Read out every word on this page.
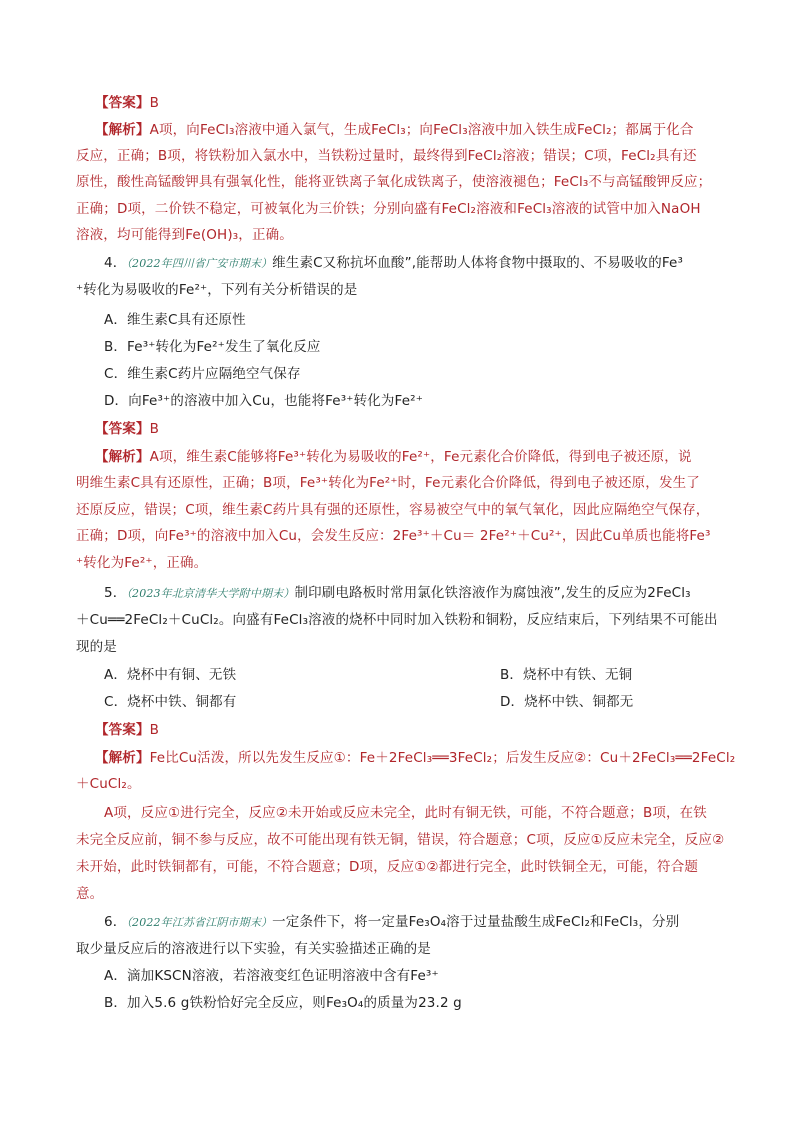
【答案】B
【解析】A项，向FeCl₃溶液中通入氯气，生成FeCl₃；向FeCl₃溶液中加入铁生成FeCl₂；都属于化合
反应，正确；B项，将铁粉加入氯水中，当铁粉过量时，最终得到FeCl₂溶液；错误；C项，FeCl₂具有还
原性，酸性高锰酸钾具有强氧化性，能将亚铁离子氧化成铁离子，使溶液褪色；FeCl₃不与高锰酸钾反应；
正确；D项，二价铁不稳定，可被氧化为三价铁；分别向盛有FeCl₂溶液和FeCl₃溶液的试管中加入NaOH
溶液，均可能得到Fe(OH)₃，正确。
4．（2022年四川省广安市期末）维生素C又称抗坏血酸”,能帮助人体将食物中摄取的、不易吸收的Fe³
⁺转化为易吸收的Fe²⁺，下列有关分析错误的是
A．维生素C具有还原性
B．Fe³⁺转化为Fe²⁺发生了氧化反应
C．维生素C药片应隔绝空气保存
D．向Fe³⁺的溶液中加入Cu，也能将Fe³⁺转化为Fe²⁺
【答案】B
【解析】A项，维生素C能够将Fe³⁺转化为易吸收的Fe²⁺，Fe元素化合价降低，得到电子被还原，说
明维生素C具有还原性，正确；B项，Fe³⁺转化为Fe²⁺时，Fe元素化合价降低，得到电子被还原，发生了
还原反应，错误；C项，维生素C药片具有强的还原性，容易被空气中的氧气氧化，因此应隔绝空气保存，
正确；D项，向Fe³⁺的溶液中加入Cu，会发生反应：2Fe³⁺＋Cu＝ 2Fe²⁺＋Cu²⁺，因此Cu单质也能将Fe³
⁺转化为Fe²⁺，正确。
5．（2023年北京清华大学附中期末）制印刷电路板时常用氯化铁溶液作为腐蚀液”,发生的反应为2FeCl₃
＋Cu══2FeCl₂＋CuCl₂。向盛有FeCl₃溶液的烧杯中同时加入铁粉和铜粉，反应结束后，下列结果不可能出
现的是
A．烧杯中有铜、无铁	B．烧杯中有铁、无铜
C．烧杯中铁、铜都有	D．烧杯中铁、铜都无
【答案】B
【解析】Fe比Cu活泼，所以先发生反应①：Fe＋2FeCl₃══3FeCl₂；后发生反应②：Cu＋2FeCl₃══2FeCl₂
＋CuCl₂。
A项，反应①进行完全，反应②未开始或反应未完全，此时有铜无铁，可能，不符合题意；B项，在铁
未完全反应前，铜不参与反应，故不可能出现有铁无铜，错误，符合题意；C项，反应①反应未完全，反应②
未开始，此时铁铜都有，可能，不符合题意；D项，反应①②都进行完全，此时铁铜全无，可能，符合题
意。
6．（2022年江苏省江阴市期末）一定条件下，将一定量Fe₃O₄溶于过量盐酸生成FeCl₂和FeCl₃，分别
取少量反应后的溶液进行以下实验，有关实验描述正确的是
A．滴加KSCN溶液，若溶液变红色证明溶液中含有Fe³⁺
B．加入5.6 g铁粉恰好完全反应，则Fe₃O₄的质量为23.2 g
